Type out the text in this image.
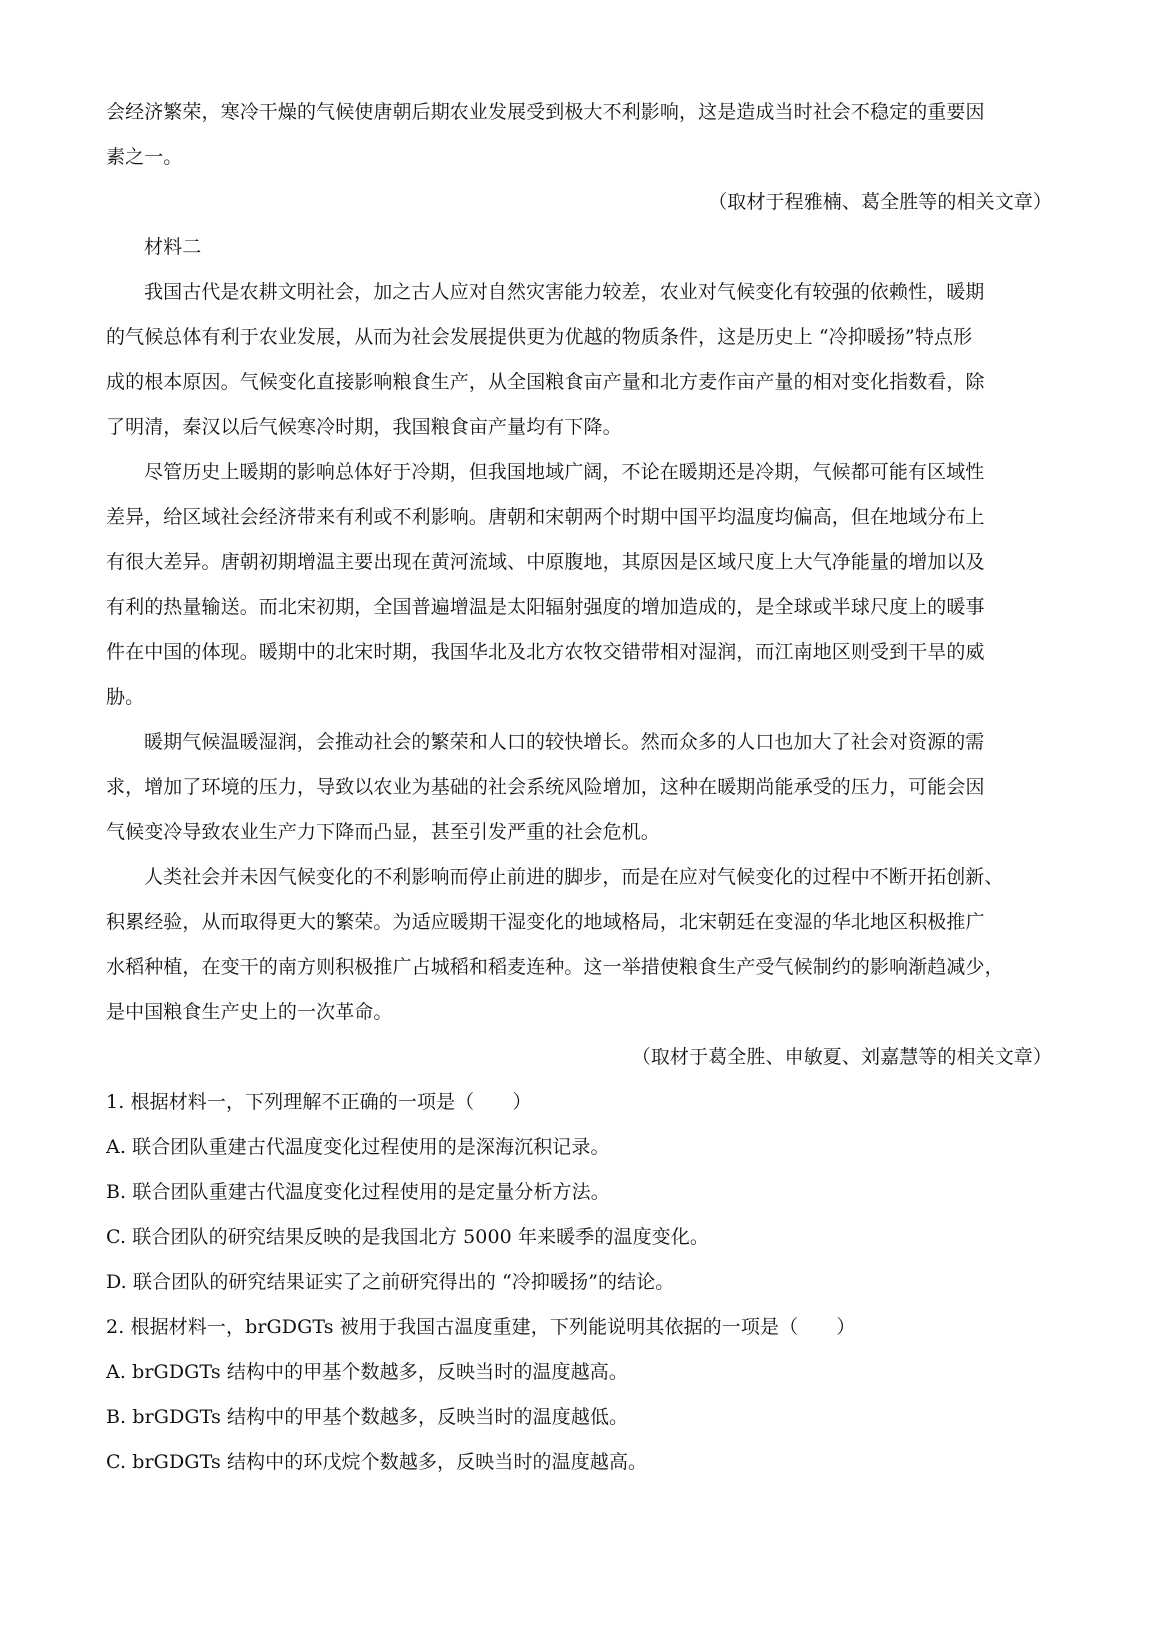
会经济繁荣，寒冷干燥的气候使唐朝后期农业发展受到极大不利影响，这是造成当时社会不稳定的重要因
素之一。
（取材于程雅楠、葛全胜等的相关文章）
材料二
我国古代是农耕文明社会，加之古人应对自然灾害能力较差，农业对气候变化有较强的依赖性，暖期
的气候总体有利于农业发展，从而为社会发展提供更为优越的物质条件，这是历史上 “冷抑暖扬”特点形
成的根本原因。气候变化直接影响粮食生产，从全国粮食亩产量和北方麦作亩产量的相对变化指数看，除
了明清，秦汉以后气候寒冷时期，我国粮食亩产量均有下降。
尽管历史上暖期的影响总体好于冷期，但我国地域广阔，不论在暖期还是冷期，气候都可能有区域性
差异，给区域社会经济带来有利或不利影响。唐朝和宋朝两个时期中国平均温度均偏高，但在地域分布上
有很大差异。唐朝初期增温主要出现在黄河流域、中原腹地，其原因是区域尺度上大气净能量的增加以及
有利的热量输送。而北宋初期，全国普遍增温是太阳辐射强度的增加造成的，是全球或半球尺度上的暖事
件在中国的体现。暖期中的北宋时期，我国华北及北方农牧交错带相对湿润，而江南地区则受到干旱的威
胁。
暖期气候温暖湿润，会推动社会的繁荣和人口的较快增长。然而众多的人口也加大了社会对资源的需
求，增加了环境的压力，导致以农业为基础的社会系统风险增加，这种在暖期尚能承受的压力，可能会因
气候变冷导致农业生产力下降而凸显，甚至引发严重的社会危机。
人类社会并未因气候变化的不利影响而停止前进的脚步，而是在应对气候变化的过程中不断开拓创新、
积累经验，从而取得更大的繁荣。为适应暖期干湿变化的地域格局，北宋朝廷在变湿的华北地区积极推广
水稻种植，在变干的南方则积极推广占城稻和稻麦连种。这一举措使粮食生产受气候制约的影响渐趋减少，
是中国粮食生产史上的一次革命。
（取材于葛全胜、申敏夏、刘嘉慧等的相关文章）
1. 根据材料一，下列理解不正确的一项是（　　）
A. 联合团队重建古代温度变化过程使用的是深海沉积记录。
B. 联合团队重建古代温度变化过程使用的是定量分析方法。
C. 联合团队的研究结果反映的是我国北方 5000 年来暖季的温度变化。
D. 联合团队的研究结果证实了之前研究得出的 “冷抑暖扬”的结论。
2. 根据材料一，brGDGTs 被用于我国古温度重建，下列能说明其依据的一项是（　　）
A. brGDGTs 结构中的甲基个数越多，反映当时的温度越高。
B. brGDGTs 结构中的甲基个数越多，反映当时的温度越低。
C. brGDGTs 结构中的环戊烷个数越多，反映当时的温度越高。
